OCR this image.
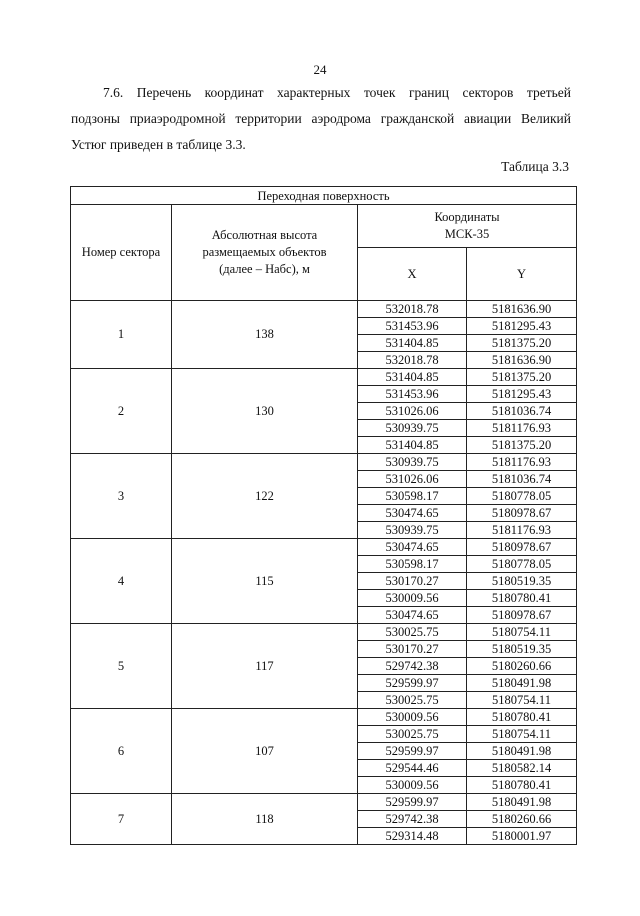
24
7.6. Перечень координат характерных точек границ секторов третьей
подзоны приаэродромной территории аэродрома гражданской авиации Великий
Устюг приведен в таблице 3.3.
Таблица 3.3
Переходная поверхность			
Номер сектора	Абсолютная высота
размещаемых объектов
(далее – Набс), м	Координаты
МСК-35	
		X	Y
1	138	532018.78	5181636.90
		531453.96	5181295.43
		531404.85	5181375.20
		532018.78	5181636.90
2	130	531404.85	5181375.20
		531453.96	5181295.43
		531026.06	5181036.74
		530939.75	5181176.93
		531404.85	5181375.20
3	122	530939.75	5181176.93
		531026.06	5181036.74
		530598.17	5180778.05
		530474.65	5180978.67
		530939.75	5181176.93
4	115	530474.65	5180978.67
		530598.17	5180778.05
		530170.27	5180519.35
		530009.56	5180780.41
		530474.65	5180978.67
5	117	530025.75	5180754.11
		530170.27	5180519.35
		529742.38	5180260.66
		529599.97	5180491.98
		530025.75	5180754.11
6	107	530009.56	5180780.41
		530025.75	5180754.11
		529599.97	5180491.98
		529544.46	5180582.14
		530009.56	5180780.41
7	118	529599.97	5180491.98
		529742.38	5180260.66
		529314.48	5180001.97
